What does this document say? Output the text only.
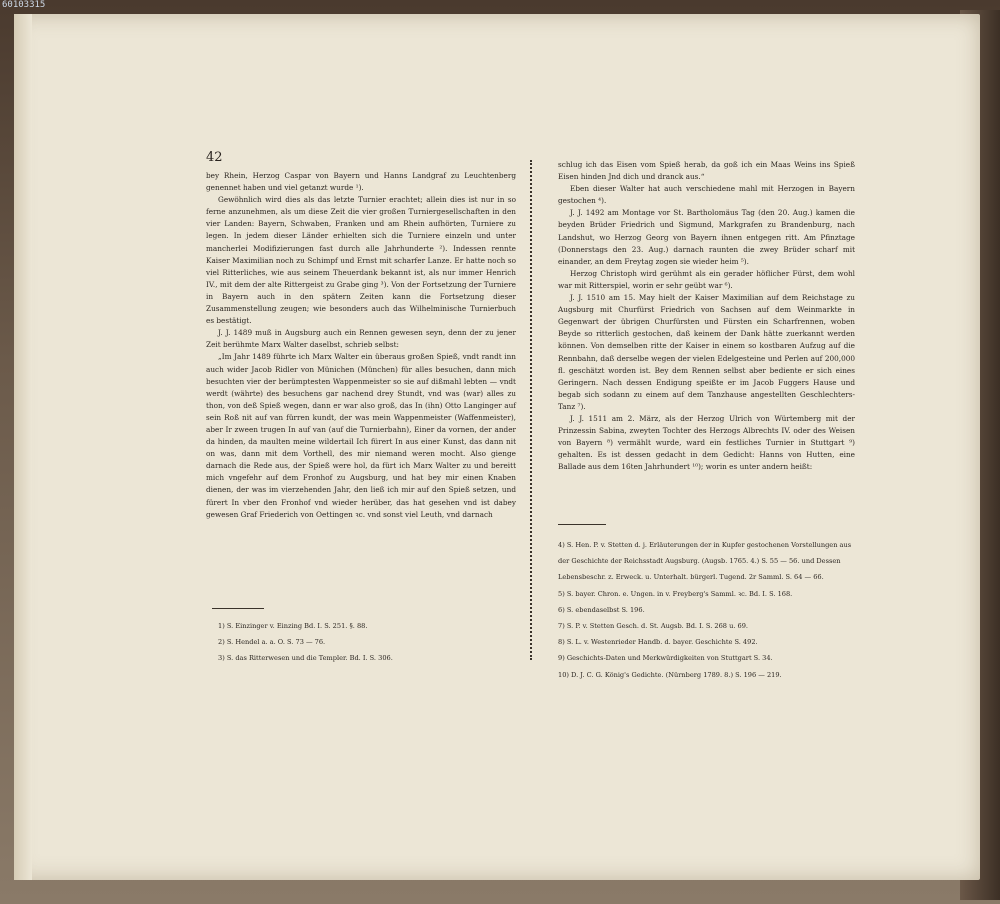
60103315
42

bey Rhein, Herzog Caspar von Bayern und Hanns Landgraf zu Leuchtenberg genennet haben und viel getanzt wurde ¹).

Gewöhnlich wird dies als das letzte Turnier erachtet; allein dies ist nur in so ferne anzunehmen, als um diese Zeit die vier großen Turniergesellschaften in den vier Landen: Bayern, Schwaben, Franken und am Rhein aufhörten, Turniere zu legen. In jedem dieser Länder erhielten sich die Turniere einzeln und unter mancherlei Modifizierungen fast durch alle Jahrhunderte ²). Indessen rennte Kaiser Maximilian noch zu Schimpf und Ernst mit scharfer Lanze. Er hatte noch so viel Ritterliches, wie aus seinem Theuerdank bekannt ist, als nur immer Henrich IV., mit dem der alte Rittergeist zu Grabe ging ³). Von der Fortsetzung der Turniere in Bayern auch in den spätern Zeiten kann die Fortsetzung dieser Zusammenstellung zeugen; wie besonders auch das Wilhelminische Turnierbuch es bestätigt.

J. J. 1489 muß in Augsburg auch ein Rennen gewesen seyn, denn der zu jener Zeit berühmte Marx Walter daselbst, schrieb selbst:

„Im Jahr 1489 führte ich Marx Walter ein überaus großen Spieß, vndt randt inn auch wider Jacob Ridler von Münichen (München) für alles besuchen, dann mich besuchten vier der berümptesten Wappenmeister so sie auf dißmahl lebten — vndt werdt (währte) des besuchens gar nachend drey Stundt, vnd was (war) alles zu thon, von deß Spieß wegen, dann er war also groß, das In (ihn) Otto Langinger auf sein Roß nit auf van fürren kundt, der was mein Wappenmeister (Waffenmeister), aber Ir zween trugen In auf van (auf die Turnierbahn), Einer da vornen, der ander da hinden, da maulten meine wildertail Ich fürert In aus einer Kunst, das dann nit on was, dann mit dem Vorthell, des mir niemand weren mocht. Also gienge darnach die Rede aus, der Spieß were hol, da fürt ich Marx Walter zu und bereitt mich vngefehr auf dem Fronhof zu Augsburg, und hat bey mir einen Knaben dienen, der was im vierzehenden Jahr, den ließ ich mir auf den Spieß setzen, und fürert In vber den Fronhof vnd wieder herüber, das hat gesehen vnd ist dabey gewesen Graf Friederich von Oettingen ꝛc. vnd sonst viel Leuth, vnd darnach

schlug ich das Eisen vom Spieß herab, da goß ich ein Maas Weins ins Spieß Eisen hinden Jnd dich und dranck aus.“

Eben dieser Walter hat auch verschiedene mahl mit Herzogen in Bayern gestochen ⁴).

J. J. 1492 am Montage vor St. Bartholomäus Tag (den 20. Aug.) kamen die beyden Brüder Friedrich und Sigmund, Markgrafen zu Brandenburg, nach Landshut, wo Herzog Georg von Bayern ihnen entgegen ritt. Am Pfinztage (Donnerstags den 23. Aug.) darnach raunten die zwey Brüder scharf mit einander, an dem Freytag zogen sie wieder heim ⁵).

Herzog Christoph wird gerühmt als ein gerader höflicher Fürst, dem wohl war mit Ritterspiel, worin er sehr geübt war ⁶).

J. J. 1510 am 15. May hielt der Kaiser Maximilian auf dem Reichstage zu Augsburg mit Churfürst Friedrich von Sachsen auf dem Weinmarkte in Gegenwart der übrigen Churfürsten und Fürsten ein Scharfrennen, woben Beyde so ritterlich gestochen, daß keinem der Dank hätte zuerkannt werden können. Von demselben ritte der Kaiser in einem so kostbaren Aufzug auf die Rennbahn, daß derselbe wegen der vielen Edelgesteine und Perlen auf 200,000 fl. geschätzt worden ist. Bey dem Rennen selbst aber bediente er sich eines Geringern. Nach dessen Endigung speißte er im Jacob Fuggers Hause und begab sich sodann zu einem auf dem Tanzhause angestellten Geschlechters-Tanz ⁷).

J. J. 1511 am 2. März, als der Herzog Ulrich von Würtemberg mit der Prinzessin Sabina, zweyten Tochter des Herzogs Albrechts IV. oder des Weisen von Bayern ⁸) vermählt wurde, ward ein festliches Turnier in Stuttgart ⁹) gehalten. Es ist dessen gedacht in dem Gedicht: Hanns von Hutten, eine Ballade aus dem 16ten Jahrhundert ¹⁰); worin es unter andern heißt:

1) S. Einzinger v. Einzing Bd. I. S. 251. §. 88.
2) S. Hendel a. a. O. S. 73 — 76.
3) S. das Ritterwesen und die Templer. Bd. I. S. 306.
4) S. Hen. P. v. Stetten d. j. Erläuterungen der in Kupfer gestochenen Vorstellungen aus der Geschichte der Reichsstadt Augsburg. (Augsb. 1765. 4.) S. 55 — 56. und Dessen Lebensbeschr. z. Erweck. u. Unterhalt. bürgerl. Tugend. 2r Samml. S. 64 — 66.
5) S. bayer. Chron. e. Ungen. in v. Freyberg's Samml. ꝛc. Bd. I. S. 168.
6) S. ebendaselbst S. 196.
7) S. P. v. Stetten Gesch. d. St. Augsb. Bd. I. S. 268 u. 69.
8) S. L. v. Westenrieder Handb. d. bayer. Geschichte S. 492.
9) Geschichts-Daten und Merkwürdigkeiten von Stuttgart S. 34.
10) D. J. C. G. König's Gedichte. (Nürnberg 1789. 8.) S. 196 — 219.
